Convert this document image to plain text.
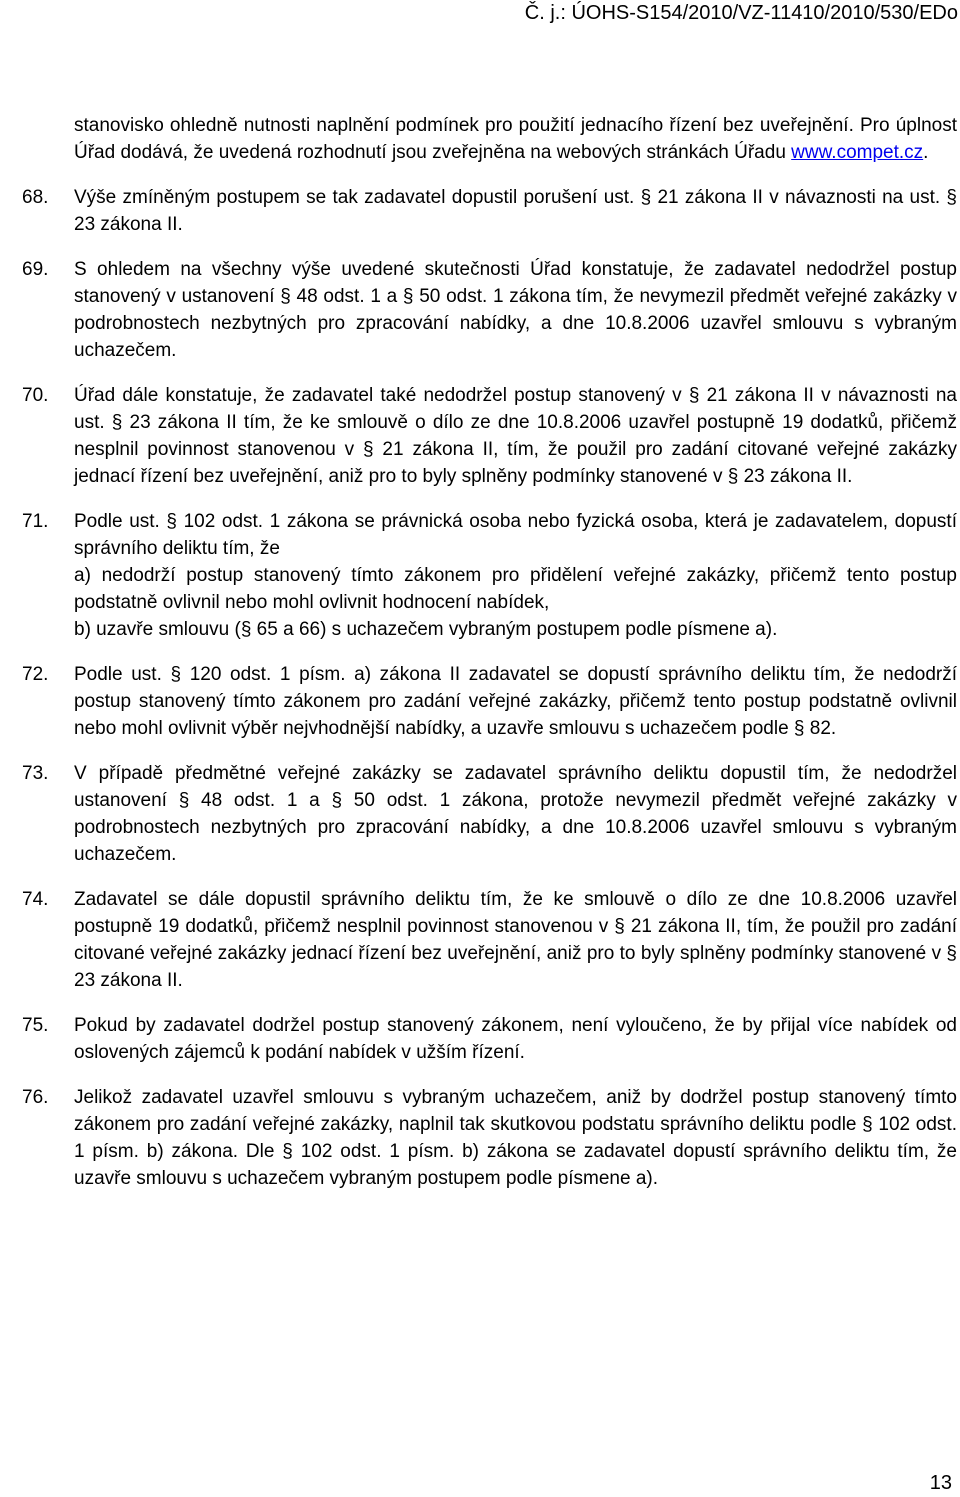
Č. j.: ÚOHS-S154/2010/VZ-11410/2010/530/EDo
stanovisko ohledně nutnosti naplnění podmínek pro použití jednacího řízení bez uveřejnění. Pro úplnost Úřad dodává, že uvedená rozhodnutí jsou zveřejněna na webových stránkách Úřadu www.compet.cz.
68.	Výše zmíněným postupem se tak zadavatel dopustil porušení ust. § 21 zákona II v návaznosti na ust. § 23 zákona II.
69.	S ohledem na všechny výše uvedené skutečnosti Úřad konstatuje, že zadavatel nedodržel postup stanovený v ustanovení § 48 odst. 1 a § 50 odst. 1 zákona tím, že nevymezil předmět veřejné zakázky v podrobnostech nezbytných pro zpracování nabídky, a dne 10.8.2006 uzavřel smlouvu s vybraným uchazečem.
70.	Úřad dále konstatuje, že zadavatel také nedodržel postup stanovený v § 21 zákona II v návaznosti na ust. § 23 zákona II tím, že ke smlouvě o dílo ze dne 10.8.2006 uzavřel postupně 19 dodatků, přičemž nesplnil povinnost stanovenou v § 21 zákona II, tím, že použil pro zadání citované veřejné zakázky jednací řízení bez uveřejnění, aniž pro to byly splněny podmínky stanovené v § 23 zákona II.
71.	Podle ust. § 102 odst. 1 zákona se právnická osoba nebo fyzická osoba, která je zadavatelem, dopustí správního deliktu tím, že
a) nedodrží postup stanovený tímto zákonem pro přidělení veřejné zakázky, přičemž tento postup podstatně ovlivnil nebo mohl ovlivnit hodnocení nabídek,
b) uzavře smlouvu (§ 65 a 66) s uchazečem vybraným postupem podle písmene a).
72.	Podle ust. § 120 odst. 1 písm. a) zákona II zadavatel se dopustí správního deliktu tím, že nedodrží postup stanovený tímto zákonem pro zadání veřejné zakázky, přičemž tento postup podstatně ovlivnil nebo mohl ovlivnit výběr nejvhodnější nabídky, a uzavře smlouvu s uchazečem podle § 82.
73.	V případě předmětné veřejné zakázky se zadavatel správního deliktu dopustil tím, že nedodržel ustanovení § 48 odst. 1 a § 50 odst. 1 zákona, protože nevymezil předmět veřejné zakázky v podrobnostech nezbytných pro zpracování nabídky, a dne 10.8.2006 uzavřel smlouvu s vybraným uchazečem.
74.	Zadavatel se dále dopustil správního deliktu tím, že ke smlouvě o dílo ze dne 10.8.2006 uzavřel postupně 19 dodatků, přičemž nesplnil povinnost stanovenou v § 21 zákona II, tím, že použil pro zadání citované veřejné zakázky jednací řízení bez uveřejnění, aniž pro to byly splněny podmínky stanovené v § 23 zákona II.
75.	Pokud by zadavatel dodržel postup stanovený zákonem, není vyloučeno, že by přijal více nabídek od oslovených zájemců k podání nabídek v užším řízení.
76.	Jelikož zadavatel uzavřel smlouvu s vybraným uchazečem, aniž by dodržel postup stanovený tímto zákonem pro zadání veřejné zakázky, naplnil tak skutkovou podstatu správního deliktu podle § 102 odst. 1 písm. b) zákona. Dle § 102 odst. 1 písm. b) zákona se zadavatel dopustí správního deliktu tím, že uzavře smlouvu s uchazečem vybraným postupem podle písmene a).
13
